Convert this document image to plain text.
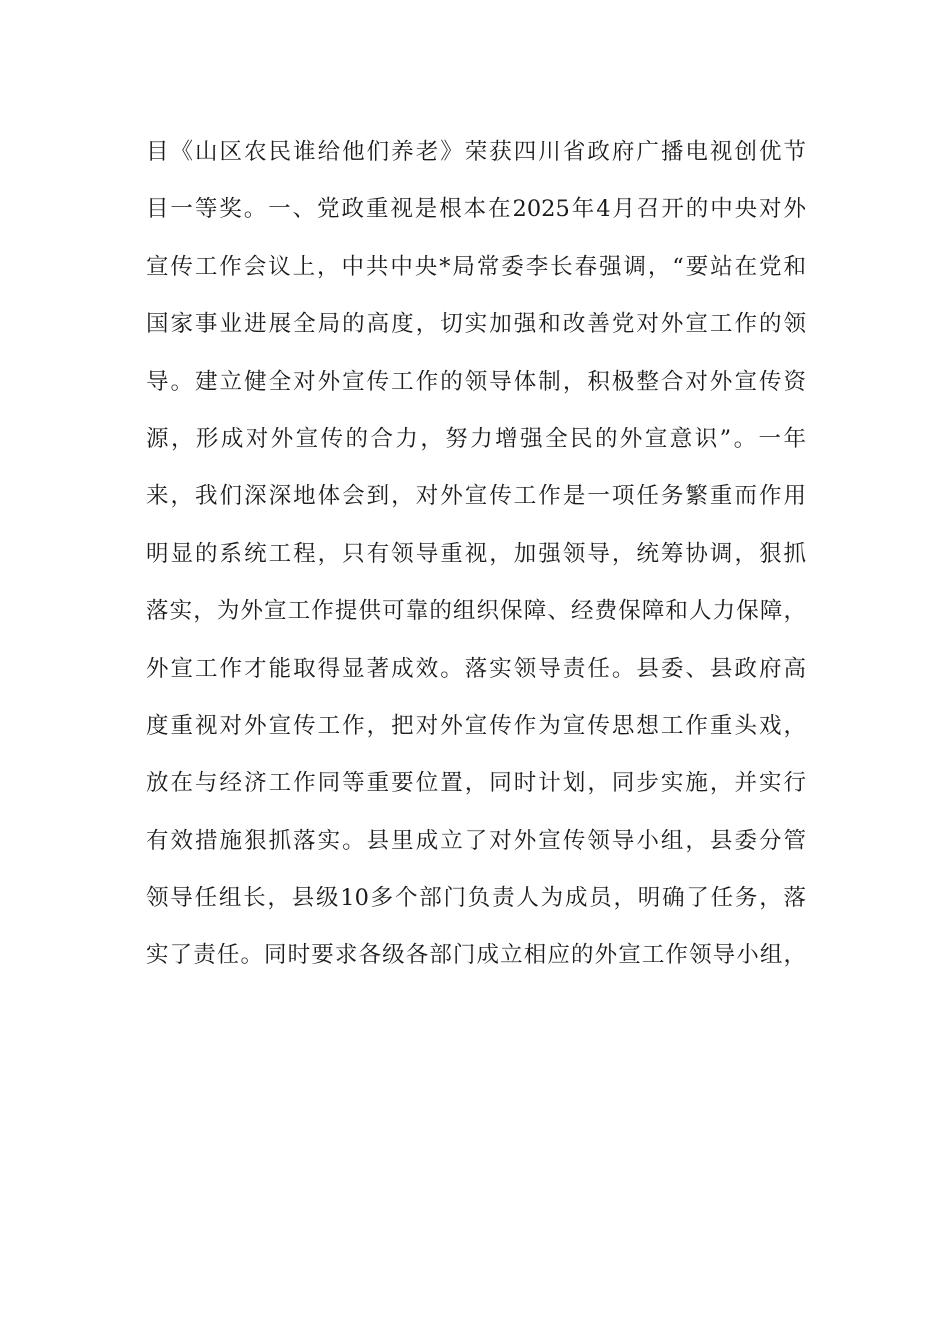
目《山区农民谁给他们养老》荣获四川省政府广播电视创优节
目一等奖。一、党政重视是根本在2025年4月召开的中央对外
宣传工作会议上，中共中央*局常委李长春强调，“要站在党和
国家事业进展全局的高度，切实加强和改善党对外宣工作的领
导。建立健全对外宣传工作的领导体制，积极整合对外宣传资
源，形成对外宣传的合力，努力增强全民的外宣意识”。一年
来，我们深深地体会到，对外宣传工作是一项任务繁重而作用
明显的系统工程，只有领导重视，加强领导，统筹协调，狠抓
落实，为外宣工作提供可靠的组织保障、经费保障和人力保障，
外宣工作才能取得显著成效。落实领导责任。县委、县政府高
度重视对外宣传工作，把对外宣传作为宣传思想工作重头戏，
放在与经济工作同等重要位置，同时计划，同步实施，并实行
有效措施狠抓落实。县里成立了对外宣传领导小组，县委分管
领导任组长，县级10多个部门负责人为成员，明确了任务，落
实了责任。同时要求各级各部门成立相应的外宣工作领导小组，
